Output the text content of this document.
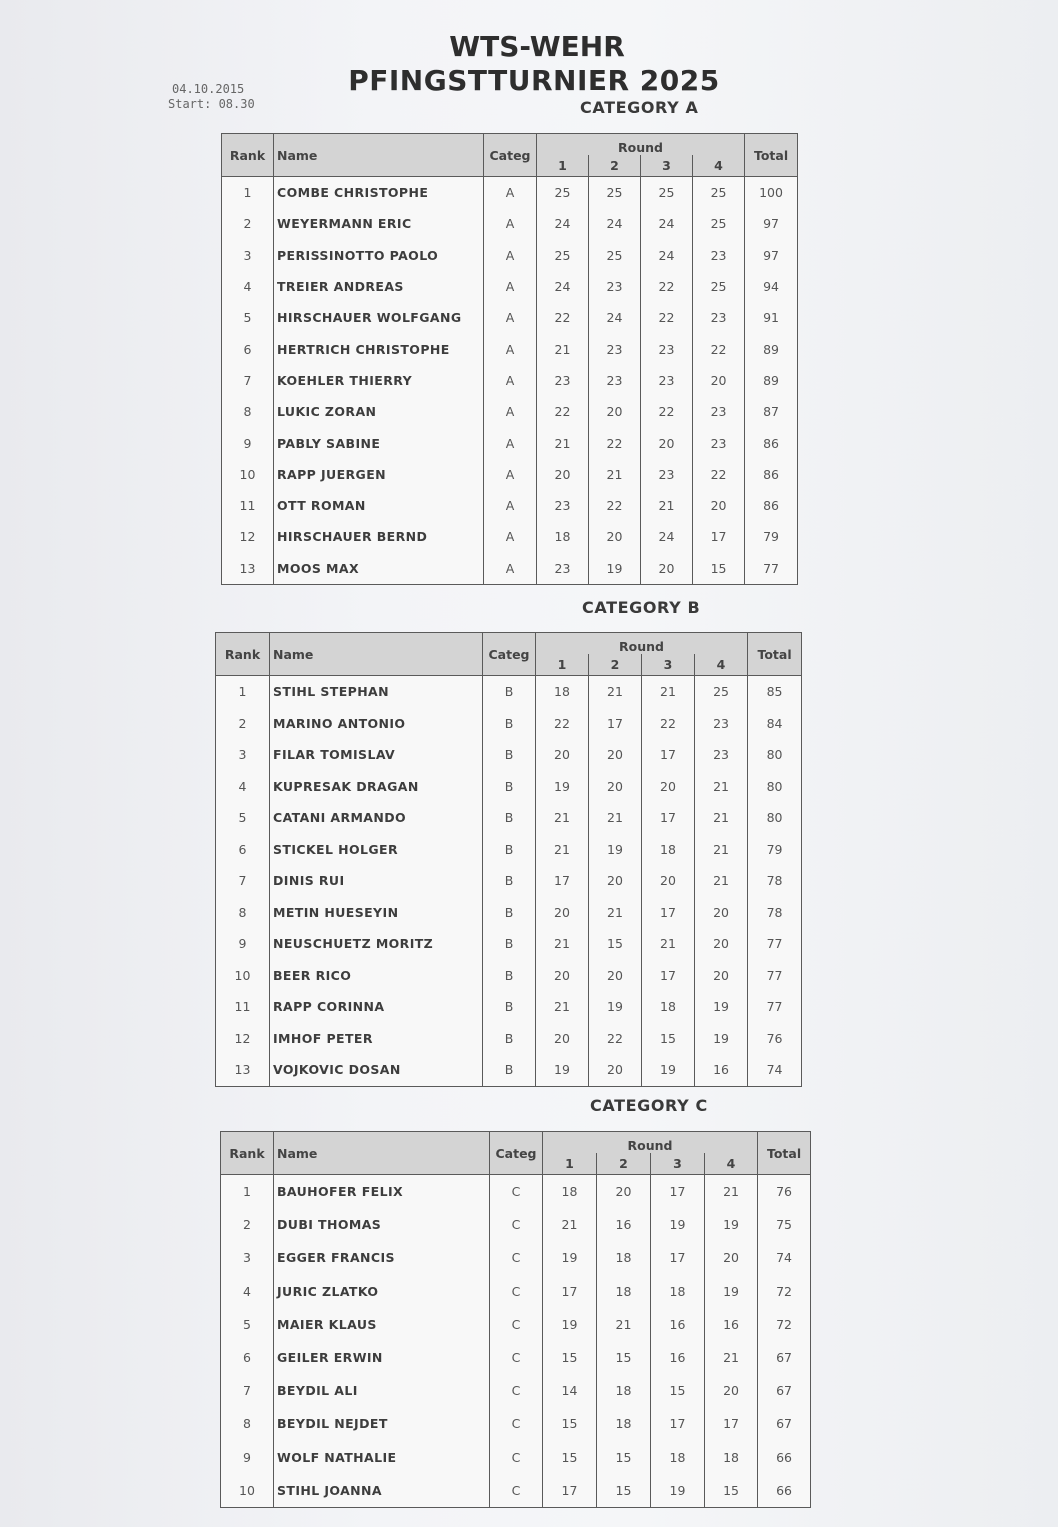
WTS-WEHR
PFINGSTTURNIER 2025
04.10.2015
Start: 08.30	CATEGORY A
CATEGORY B
CATEGORY C
Rank	Name	Categ	Round				Total
			1	2	3	4	
1	COMBE CHRISTOPHE	A	25	25	25	25	100
2	WEYERMANN ERIC	A	24	24	24	25	97
3	PERISSINOTTO PAOLO	A	25	25	24	23	97
4	TREIER ANDREAS	A	24	23	22	25	94
5	HIRSCHAUER WOLFGANG	A	22	24	22	23	91
6	HERTRICH CHRISTOPHE	A	21	23	23	22	89
7	KOEHLER THIERRY	A	23	23	23	20	89
8	LUKIC ZORAN	A	22	20	22	23	87
9	PABLY SABINE	A	21	22	20	23	86
10	RAPP JUERGEN	A	20	21	23	22	86
11	OTT ROMAN	A	23	22	21	20	86
12	HIRSCHAUER BERND	A	18	20	24	17	79
13	MOOS MAX	A	23	19	20	15	77
Rank	Name	Categ	Round				Total
			1	2	3	4	
1	STIHL STEPHAN	B	18	21	21	25	85
2	MARINO ANTONIO	B	22	17	22	23	84
3	FILAR TOMISLAV	B	20	20	17	23	80
4	KUPRESAK DRAGAN	B	19	20	20	21	80
5	CATANI ARMANDO	B	21	21	17	21	80
6	STICKEL HOLGER	B	21	19	18	21	79
7	DINIS RUI	B	17	20	20	21	78
8	METIN HUESEYIN	B	20	21	17	20	78
9	NEUSCHUETZ MORITZ	B	21	15	21	20	77
10	BEER RICO	B	20	20	17	20	77
11	RAPP CORINNA	B	21	19	18	19	77
12	IMHOF PETER	B	20	22	15	19	76
13	VOJKOVIC DOSAN	B	19	20	19	16	74
Rank	Name	Categ	Round				Total
			1	2	3	4	
1	BAUHOFER FELIX	C	18	20	17	21	76
2	DUBI THOMAS	C	21	16	19	19	75
3	EGGER FRANCIS	C	19	18	17	20	74
4	JURIC ZLATKO	C	17	18	18	19	72
5	MAIER KLAUS	C	19	21	16	16	72
6	GEILER ERWIN	C	15	15	16	21	67
7	BEYDIL ALI	C	14	18	15	20	67
8	BEYDIL NEJDET	C	15	18	17	17	67
9	WOLF NATHALIE	C	15	15	18	18	66
10	STIHL JOANNA	C	17	15	19	15	66
